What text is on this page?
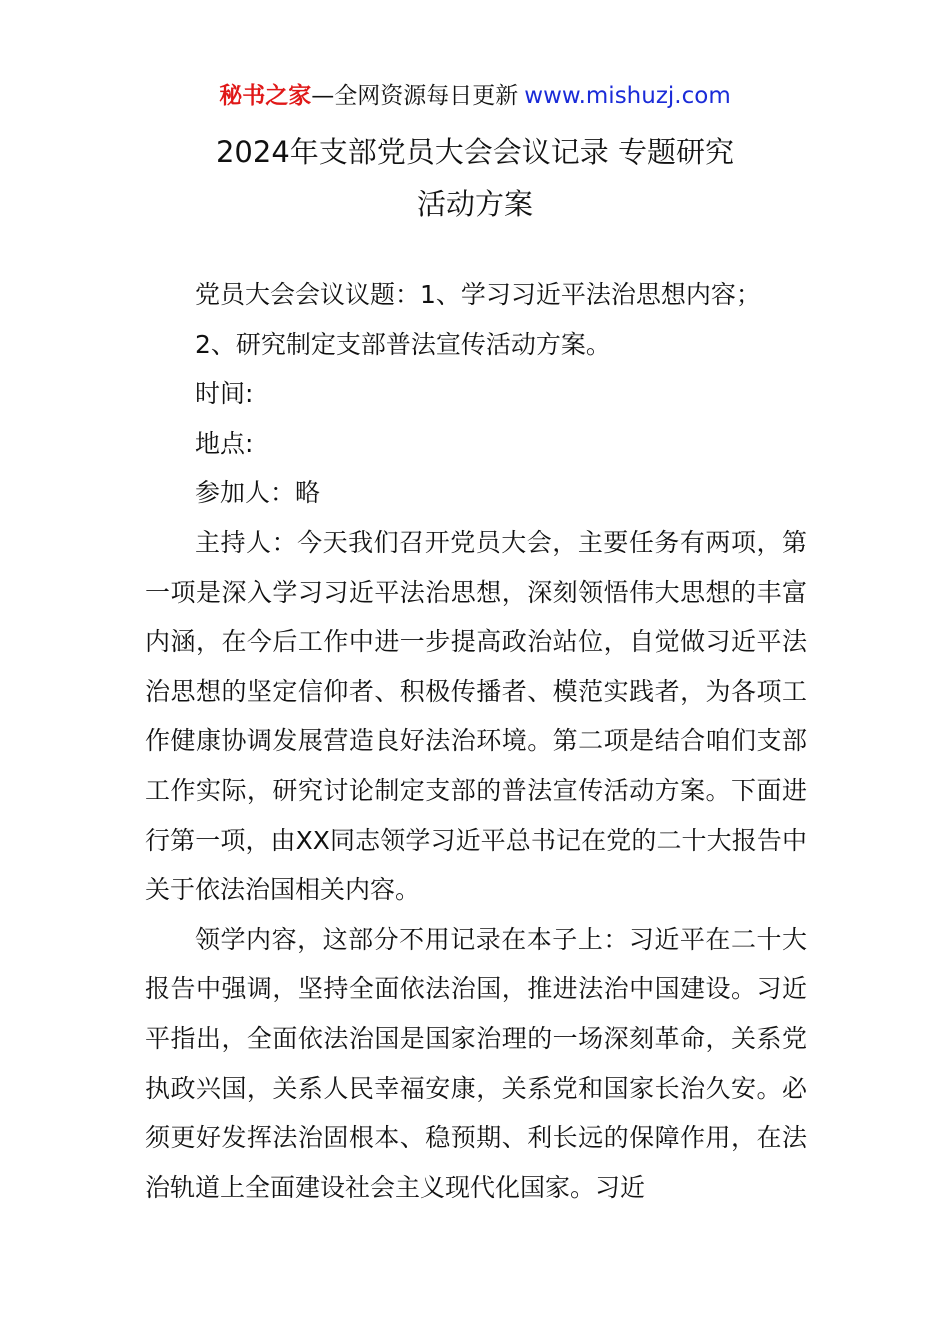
秘书之家—全网资源每日更新 www.mishuzj.com
2024年支部党员大会会议记录 专题研究
活动方案

党员大会会议议题：1、学习习近平法治思想内容；

2、研究制定支部普法宣传活动方案。

时间:

地点:

参加人：略

主持人：今天我们召开党员大会，主要任务有两项，第一项是深入学习习近平法治思想，深刻领悟伟大思想的丰富内涵，在今后工作中进一步提高政治站位，自觉做习近平法治思想的坚定信仰者、积极传播者、模范实践者，为各项工作健康协调发展营造良好法治环境。第二项是结合咱们支部工作实际，研究讨论制定支部的普法宣传活动方案。下面进行第一项，由XX同志领学习近平总书记在党的二十大报告中关于依法治国相关内容。

领学内容，这部分不用记录在本子上：习近平在二十大报告中强调，坚持全面依法治国，推进法治中国建设。习近平指出，全面依法治国是国家治理的一场深刻革命，关系党执政兴国，关系人民幸福安康，关系党和国家长治久安。必须更好发挥法治固根本、稳预期、利长远的保障作用，在法治轨道上全面建设社会主义现代化国家。习近
